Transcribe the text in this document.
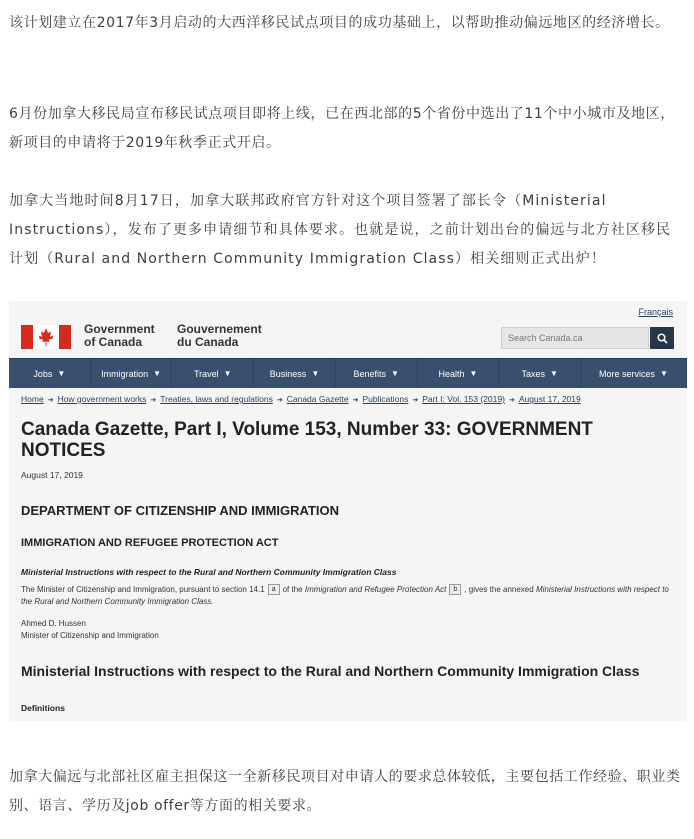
该计划建立在2017年3月启动的大西洋移民试点项目的成功基础上，以帮助推动偏远地区的经济增长。

6月份加拿大移民局宣布移民试点项目即将上线，已在西北部的5个省份中选出了11个中小城市及地区，新项目的申请将于2019年秋季正式开启。

加拿大当地时间8月17日，加拿大联邦政府官方针对这个项目签署了部长令（Ministerial Instructions），发布了更多申请细节和具体要求。也就是说，之前计划出台的偏远与北方社区移民计划（Rural and Northern Community Immigration Class）相关细则正式出炉！

Français
Government
of Canada
Gouvernement
du Canada	Search Canada.ca
Jobs ▼	Immigration ▼	Travel ▼	Business ▼	Benefits ▼	Health ▼	Taxes ▼	More services ▼
Home ➔ How government works ➔ Treaties, laws and regulations ➔ Canada Gazette ➔ Publications ➔ Part I: Vol. 153 (2019) ➔ August 17, 2019
Canada Gazette, Part I, Volume 153, Number 33: GOVERNMENT NOTICES
August 17, 2019
DEPARTMENT OF CITIZENSHIP AND IMMIGRATION
IMMIGRATION AND REFUGEE PROTECTION ACT
Ministerial Instructions with respect to the Rural and Northern Community Immigration Class
The Minister of Citizenship and Immigration, pursuant to section 14.1 a of the Immigration and Refugee Protection Act b , gives the annexed Ministerial Instructions with respect to the Rural and Northern Community Immigration Class.
Ahmed D. Hussen
Minister of Citizenship and Immigration
Ministerial Instructions with respect to the Rural and Northern Community Immigration Class
Definitions

加拿大偏远与北部社区雇主担保这一全新移民项目对申请人的要求总体较低，主要包括工作经验、职业类别、语言、学历及job offer等方面的相关要求。
